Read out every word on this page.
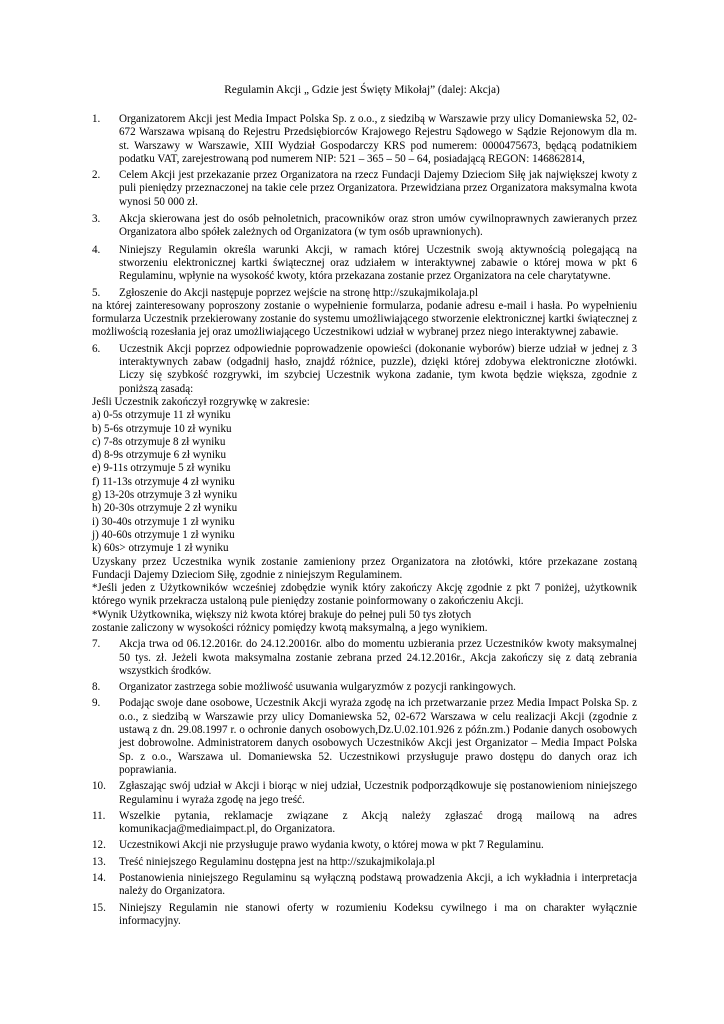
Regulamin Akcji „ Gdzie jest Święty Mikołaj” (dalej: Akcja)
1. Organizatorem Akcji jest Media Impact Polska Sp. z o.o., z siedzibą w Warszawie przy ulicy Domaniewska 52, 02-672 Warszawa wpisaną do Rejestru Przedsiębiorców Krajowego Rejestru Sądowego w Sądzie Rejonowym dla m. st. Warszawy w Warszawie, XIII Wydział Gospodarczy KRS pod numerem: 0000475673, będącą podatnikiem podatku VAT, zarejestrowaną pod numerem NIP: 521 – 365 – 50 – 64, posiadającą REGON: 146862814,
2. Celem Akcji jest przekazanie przez Organizatora na rzecz Fundacji Dajemy Dzieciom Siłę jak największej kwoty z puli pieniędzy przeznaczonej na takie cele przez Organizatora. Przewidziana przez Organizatora maksymalna kwota wynosi 50 000 zł.
3. Akcja skierowana jest do osób pełnoletnich, pracowników oraz stron umów cywilnoprawnych zawieranych przez Organizatora albo spółek zależnych od Organizatora (w tym osób uprawnionych).
4. Niniejszy Regulamin określa warunki Akcji, w ramach której Uczestnik swoją aktywnością polegającą na stworzeniu elektronicznej kartki świątecznej oraz udziałem w interaktywnej zabawie o której mowa w pkt 6 Regulaminu, wpłynie na wysokość kwoty, która przekazana zostanie przez Organizatora na cele charytatywne.
5. Zgłoszenie do Akcji następuje poprzez wejście na stronę http://szukajmikolaja.pl
na której zainteresowany poproszony zostanie o wypełnienie formularza, podanie adresu e-mail i hasła. Po wypełnieniu formularza Uczestnik przekierowany zostanie do systemu umożliwiającego stworzenie elektronicznej kartki świątecznej z możliwością rozesłania jej oraz umożliwiającego Uczestnikowi udział w wybranej przez niego interaktywnej zabawie.
6. Uczestnik Akcji poprzez odpowiednie poprowadzenie opowieści (dokonanie wyborów) bierze udział w jednej z 3 interaktywnych zabaw (odgadnij hasło, znajdź różnice, puzzle), dzięki której zdobywa elektroniczne złotówki. Liczy się szybkość rozgrywki, im szybciej Uczestnik wykona zadanie, tym kwota będzie większa, zgodnie z poniższą zasadą:
Jeśli Uczestnik zakończył rozgrywkę w zakresie:
a) 0-5s otrzymuje 11 zł wyniku
b) 5-6s otrzymuje 10 zł wyniku
c) 7-8s otrzymuje 8 zł wyniku
d) 8-9s otrzymuje 6 zł wyniku
e) 9-11s otrzymuje 5 zł wyniku
f) 11-13s otrzymuje 4 zł wyniku
g) 13-20s otrzymuje 3 zł wyniku
h) 20-30s otrzymuje 2 zł wyniku
i) 30-40s otrzymuje 1 zł wyniku
j) 40-60s otrzymuje 1 zł wyniku
k) 60s> otrzymuje 1 zł wyniku
Uzyskany przez Uczestnika wynik zostanie zamieniony przez Organizatora na złotówki, które przekazane zostaną Fundacji Dajemy Dzieciom Siłę, zgodnie z niniejszym Regulaminem.
*Jeśli jeden z Użytkowników wcześniej zdobędzie wynik który zakończy Akcję zgodnie z pkt 7 poniżej, użytkownik którego wynik przekracza ustaloną pule pieniędzy zostanie poinformowany o zakończeniu Akcji.
*Wynik Użytkownika, większy niż kwota której brakuje do pełnej puli 50 tys złotych
zostanie zaliczony w wysokości różnicy pomiędzy kwotą maksymalną, a jego wynikiem.
7. Akcja trwa od 06.12.2016r. do 24.12.20016r. albo do momentu uzbierania przez Uczestników kwoty maksymalnej 50 tys. zł. Jeżeli kwota maksymalna zostanie zebrana przed 24.12.2016r., Akcja zakończy się z datą zebrania wszystkich środków.
8. Organizator zastrzega sobie możliwość usuwania wulgaryzmów z pozycji rankingowych.
9. Podając swoje dane osobowe, Uczestnik Akcji wyraża zgodę na ich przetwarzanie przez Media Impact Polska Sp. z o.o., z siedzibą w Warszawie przy ulicy Domaniewska 52, 02-672 Warszawa w celu realizacji Akcji (zgodnie z ustawą z dn. 29.08.1997 r. o ochronie danych osobowych,Dz.U.02.101.926 z późn.zm.) Podanie danych osobowych jest dobrowolne. Administratorem danych osobowych Uczestników Akcji jest Organizator – Media Impact Polska Sp. z o.o., Warszawa ul. Domaniewska 52. Uczestnikowi przysługuje prawo dostępu do danych oraz ich poprawiania.
10. Zgłaszając swój udział w Akcji i biorąc w niej udział, Uczestnik podporządkowuje się postanowieniom niniejszego Regulaminu i wyraża zgodę na jego treść.
11. Wszelkie pytania, reklamacje związane z Akcją należy zgłaszać drogą mailową na adres komunikacja@mediaimpact.pl, do Organizatora.
12. Uczestnikowi Akcji nie przysługuje prawo wydania kwoty, o której mowa w pkt 7 Regulaminu.
13. Treść niniejszego Regulaminu dostępna jest na http://szukajmikolaja.pl
14. Postanowienia niniejszego Regulaminu są wyłączną podstawą prowadzenia Akcji, a ich wykładnia i interpretacja należy do Organizatora.
15. Niniejszy Regulamin nie stanowi oferty w rozumieniu Kodeksu cywilnego i ma on charakter wyłącznie informacyjny.
